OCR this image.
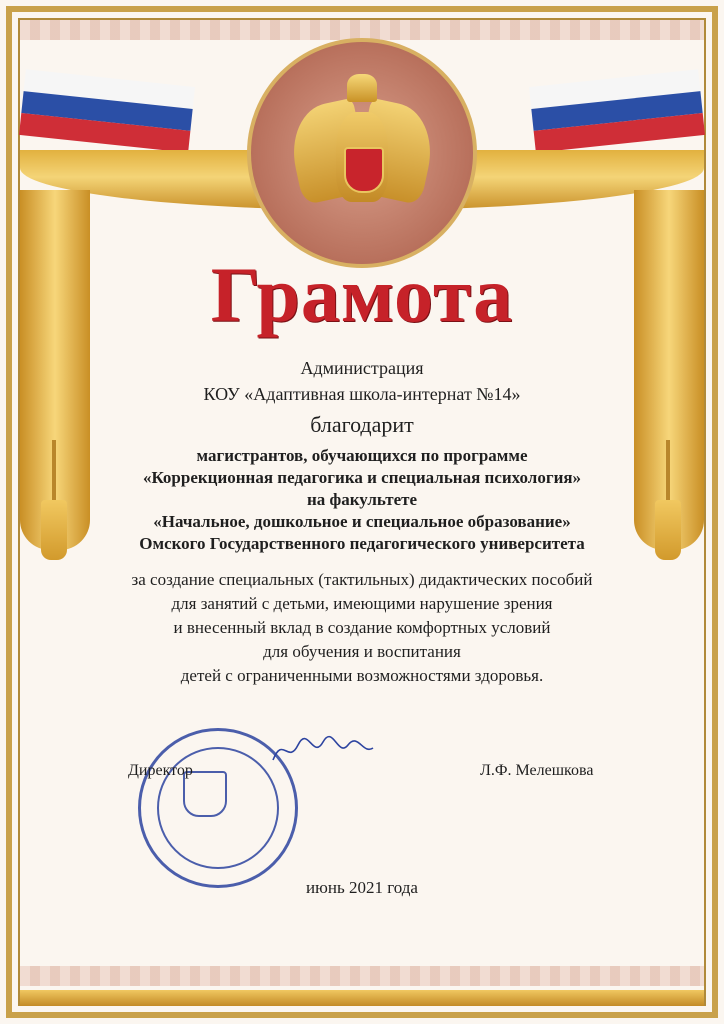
Грамота
Администрация
КОУ «Адаптивная школа-интернат №14»
благодарит
магистрантов, обучающихся по программе
«Коррекционная педагогика и специальная психология»
на факультете
«Начальное, дошкольное и специальное образование»
Омского Государственного педагогического университета
за создание специальных (тактильных) дидактических пособий
для занятий с детьми, имеющими нарушение зрения
и внесенный вклад в создание комфортных условий
для обучения и воспитания
детей с ограниченными возможностями здоровья.
Директор	Л.Ф. Мелешкова
июнь 2021 года
